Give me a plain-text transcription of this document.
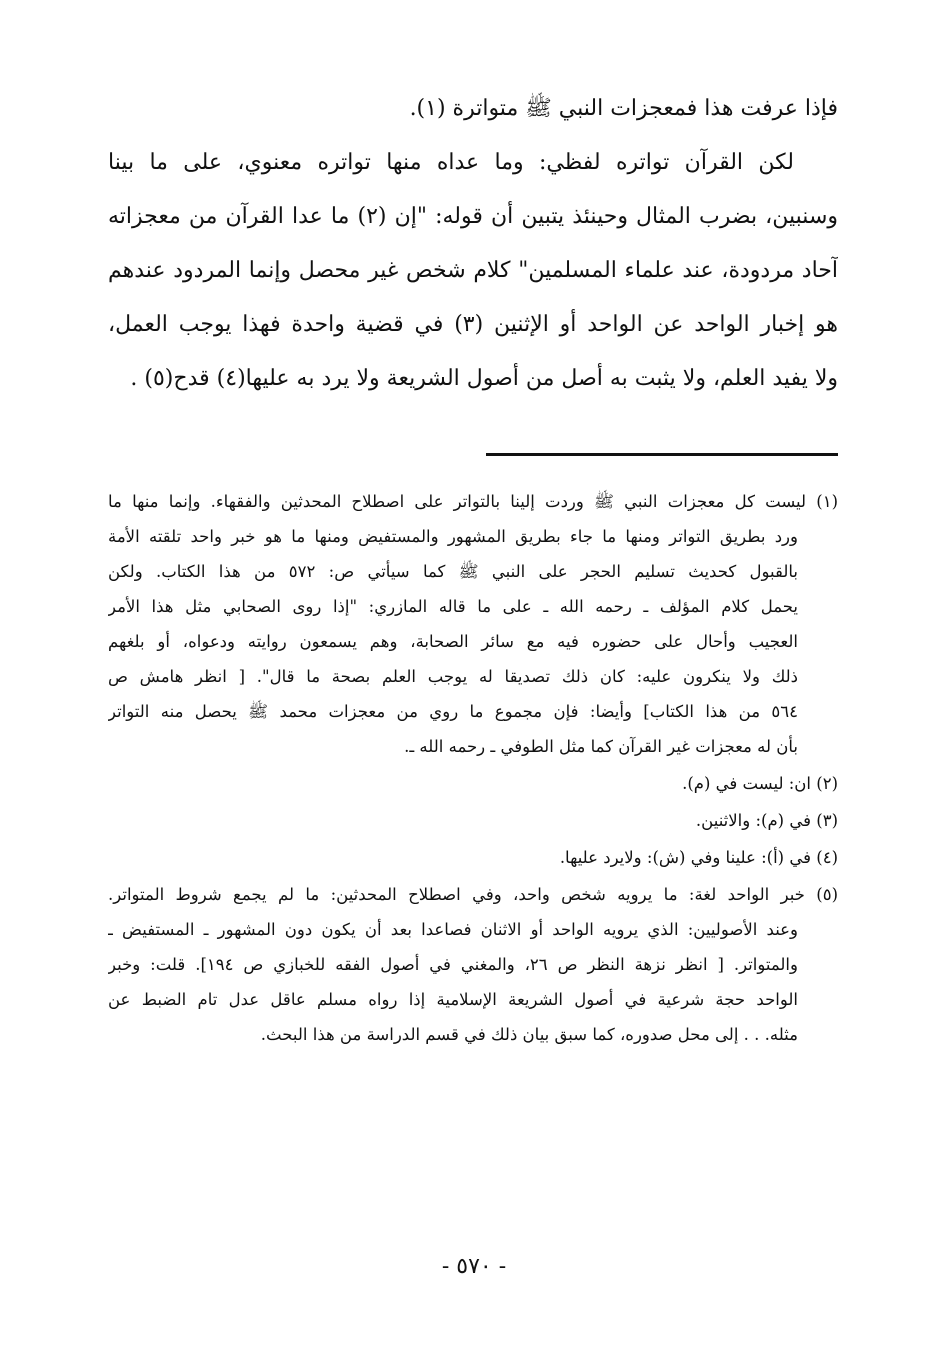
فإذا عرفت هذا فمعجزات النبي ﷺ متواترة (١).
لكن القرآن تواتره لفظي: وما عداه منها تواتره معنوي، على ما بينا
وسنبين، بضرب المثال وحينئذ يتبين أن قوله: "إن (٢) ما عدا القرآن من معجزاته
آحاد مردودة، عند علماء المسلمين" كلام شخص غير محصل وإنما المردود عندهم
هو إخبار الواحد عن الواحد أو الإثنين (٣) في قضية واحدة فهذا يوجب العمل،
ولا يفيد العلم، ولا يثبت به أصل من أصول الشريعة ولا يرد به عليها(٤) قدح(٥) .
(١) ليست كل معجزات النبي ﷺ وردت إلينا بالتواتر على اصطلاح المحدثين والفقهاء. وإنما منها ما
ورد بطريق التواتر ومنها ما جاء بطريق المشهور والمستفيض ومنها ما هو خبر واحد تلقته الأمة
بالقبول كحديث تسليم الحجر على النبي ﷺ كما سيأتي ص: ٥٧٢ من هذا الكتاب. ولكن
يحمل كلام المؤلف ـ رحمه الله ـ على ما قاله المازري: "إذا روى الصحابي مثل هذا الأمر
العجيب وأحال على حضوره فيه مع سائر الصحابة، وهم يسمعون روايته ودعواه، أو بلغهم
ذلك ولا ينكرون عليه: كان ذلك تصديقا له يوجب العلم بصحة ما قال". [ انظر هامش ص
٥٦٤ من هذا الكتاب] وأيضا: فإن مجموع ما روي من معجزات محمد ﷺ يحصل منه التواتر
بأن له معجزات غير القرآن كما مثل الطوفي ـ رحمه الله ـ.
(٢) ان: ليست في (م).
(٣) في (م): والاثنين.
(٤) في (أ): علينا وفي (ش): ولايرد عليها.
(٥) خبر الواحد لغة: ما يرويه شخص واحد، وفي اصطلاح المحدثين: ما لم يجمع شروط المتواتر.
وعند الأصوليين: الذي يرويه الواحد أو الاثنان فصاعدا بعد أن يكون دون المشهور ـ المستفيض ـ
والمتواتر. [ انظر نزهة النظر ص ٢٦، والمغني في أصول الفقه للخبازي ص ١٩٤]. قلت: وخبر
الواحد حجة شرعية في أصول الشريعة الإسلامية إذا رواه مسلم عاقل عدل تام الضبط عن
مثله. . . إلى محل صدوره، كما سبق بيان ذلك في قسم الدراسة من هذا البحث.
- ٥٧٠ -
